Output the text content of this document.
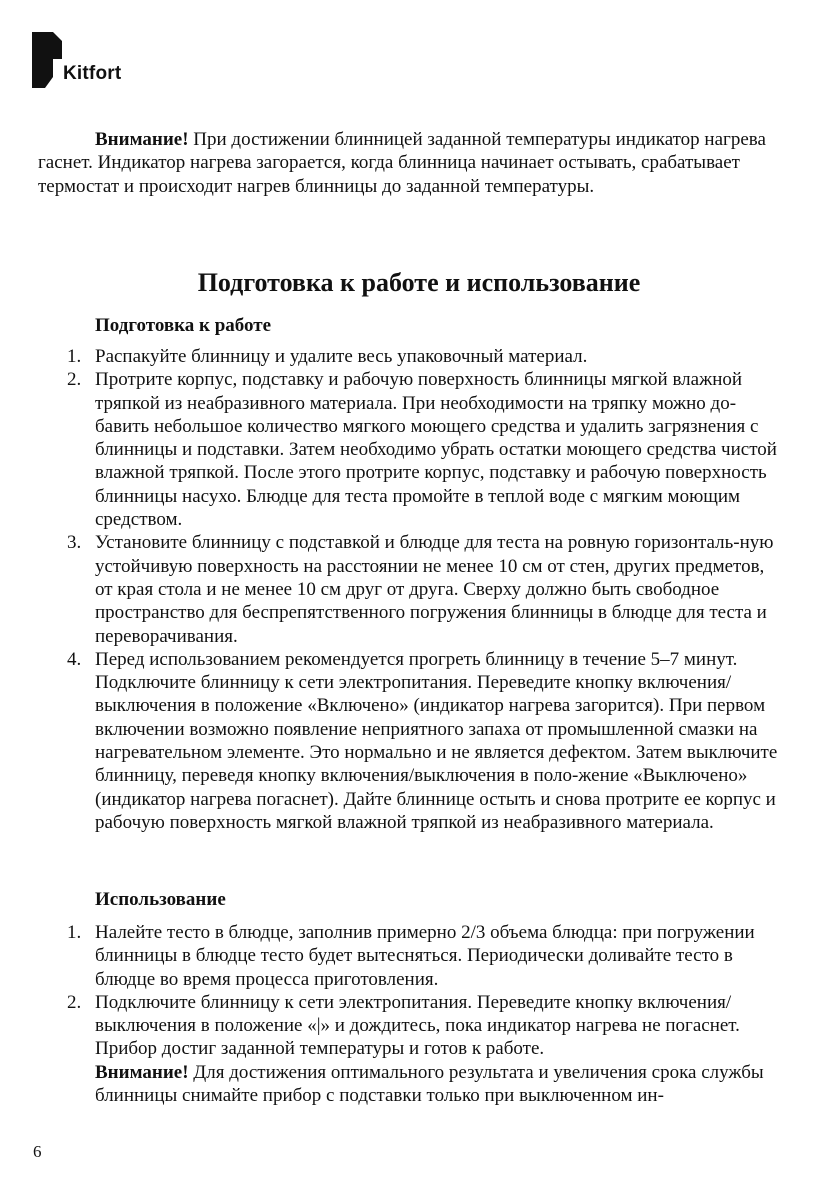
Kitfort

Внимание! При достижении блинницей заданной температуры индикатор нагрева гаснет. Индикатор нагрева загорается, когда блинница начинает остывать, срабатывает термостат и происходит нагрев блинницы до заданной температуры.

Подготовка к работе и использование
Подготовка к работе
1. Распакуйте блинницу и удалите весь упаковочный материал.
2. Протрите корпус, подставку и рабочую поверхность блинницы мягкой влажной тряпкой из неабразивного материала. При необходимости на тряпку можно до-бавить небольшое количество мягкого моющего средства и удалить загрязнения с блинницы и подставки. Затем необходимо убрать остатки моющего средства чистой влажной тряпкой. После этого протрите корпус, подставку и рабочую поверхность блинницы насухо. Блюдце для теста промойте в теплой воде с мягким моющим средством.
3. Установите блинницу с подставкой и блюдце для теста на ровную горизонталь-ную устойчивую поверхность на расстоянии не менее 10 см от стен, других предметов, от края стола и не менее 10 см друг от друга. Сверху должно быть свободное пространство для беспрепятственного погружения блинницы в блюдце для теста и переворачивания.
4. Перед использованием рекомендуется прогреть блинницу в течение 5–7 минут. Подключите блинницу к сети электропитания. Переведите кнопку включения/ выключения в положение «Включено» (индикатор нагрева загорится). При первом включении возможно появление неприятного запаха от промышленной смазки на нагревательном элементе. Это нормально и не является дефектом. Затем выключите блинницу, переведя кнопку включения/выключения в поло-жение «Выключено» (индикатор нагрева погаснет). Дайте блиннице остыть и снова протрите ее корпус и рабочую поверхность мягкой влажной тряпкой из неабразивного материала.
Использование
1. Налейте тесто в блюдце, заполнив примерно 2/3 объема блюдца: при погружении блинницы в блюдце тесто будет вытесняться. Периодически доливайте тесто в блюдце во время процесса приготовления.
2. Подключите блинницу к сети электропитания. Переведите кнопку включения/ выключения в положение «|» и дождитесь, пока индикатор нагрева не погаснет. Прибор достиг заданной температуры и готов к работе.
Внимание! Для достижения оптимального результата и увеличения срока службы блинницы снимайте прибор с подставки только при выключенном ин-
6
